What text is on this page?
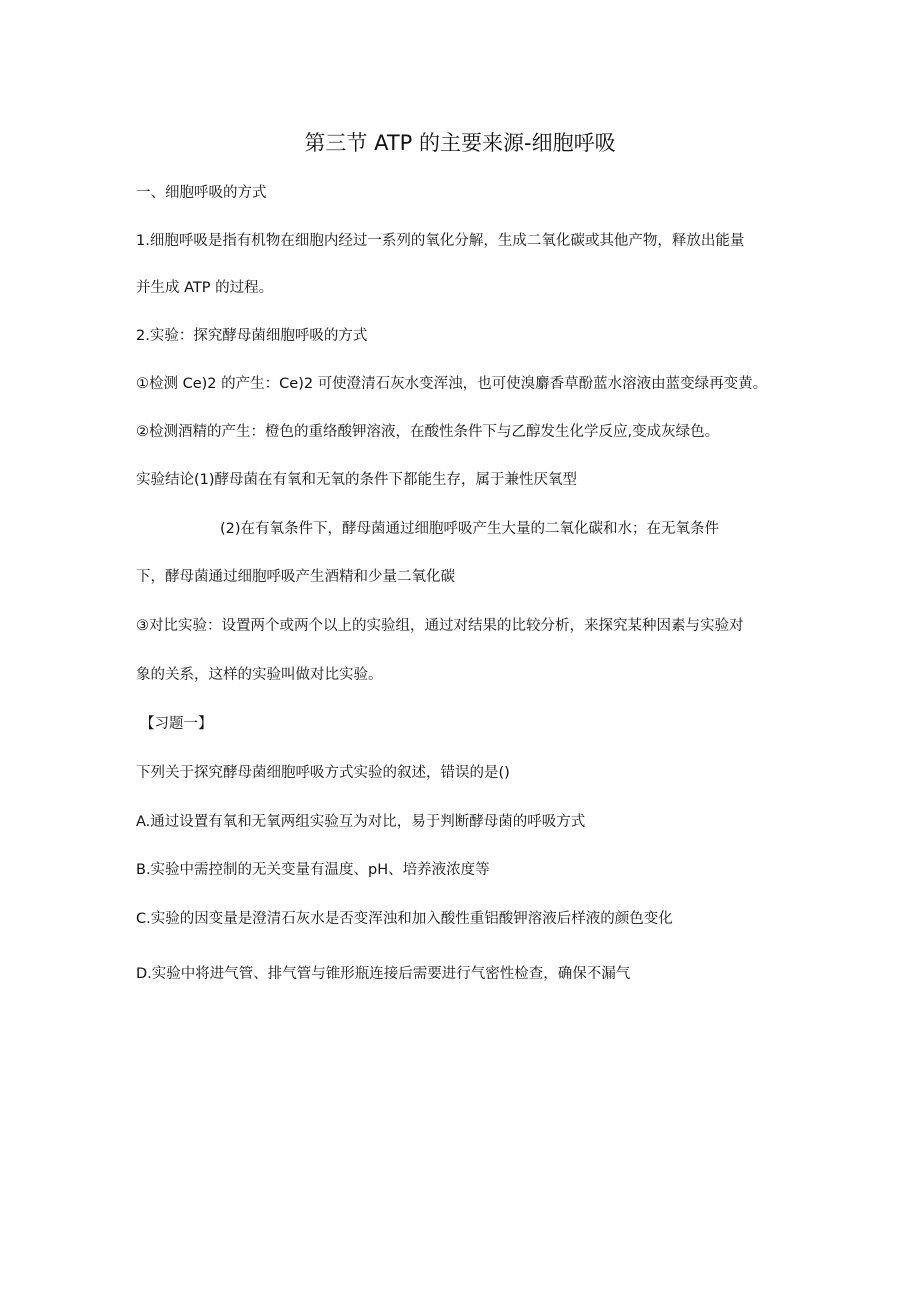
第三节 ATP 的主要来源-细胞呼吸
一、细胞呼吸的方式
1.细胞呼吸是指有机物在细胞内经过一系列的氧化分解，生成二氧化碳或其他产物，释放出能量
并生成 ATP 的过程。
2.实验：探究酵母菌细胞呼吸的方式
①检测 Ce)2 的产生：Ce)2 可使澄清石灰水变浑浊，也可使溴麝香草酚蓝水溶液由蓝变绿再变黄。
②检测酒精的产生：橙色的重络酸钾溶液，在酸性条件下与乙醇发生化学反应,变成灰绿色。
实验结论(1)酵母菌在有氧和无氧的条件下都能生存，属于兼性厌氧型
(2)在有氧条件下，酵母菌通过细胞呼吸产生大量的二氧化碳和水；在无氧条件
下，酵母菌通过细胞呼吸产生酒精和少量二氧化碳
③对比实验：设置两个或两个以上的实验组，通过对结果的比较分析，来探究某种因素与实验对
象的关系，这样的实验叫做对比实验。
【习题一】
下列关于探究酵母菌细胞呼吸方式实验的叙述，错误的是()
A.通过设置有氧和无氧两组实验互为对比，易于判断酵母菌的呼吸方式
B.实验中需控制的无关变量有温度、pH、培养液浓度等
C.实验的因变量是澄清石灰水是否变浑浊和加入酸性重铝酸钾溶液后样液的颜色变化
D.实验中将进气管、排气管与锥形瓶连接后需要进行气密性检查，确保不漏气
